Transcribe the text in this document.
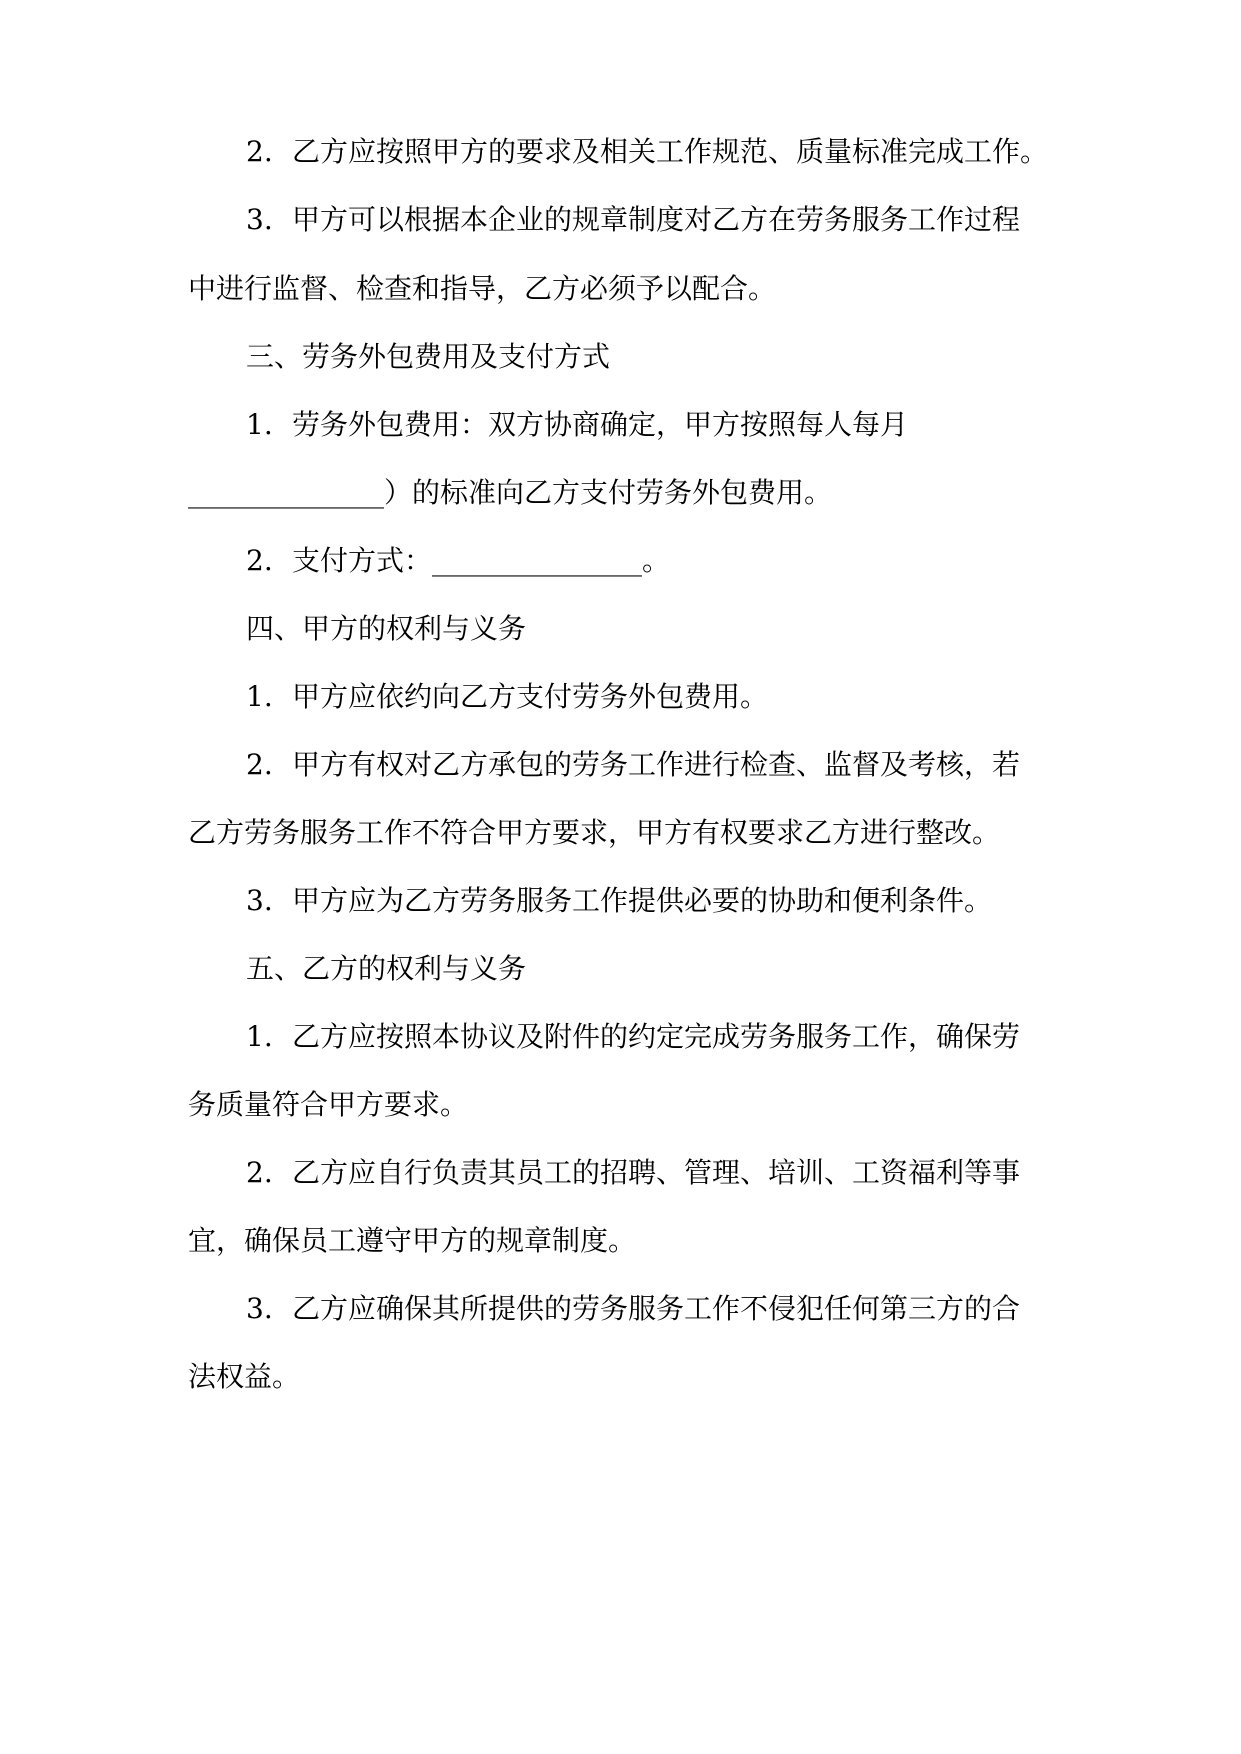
2. 乙方应按照甲方的要求及相关工作规范、质量标准完成工作。
3. 甲方可以根据本企业的规章制度对乙方在劳务服务工作过程
中进行监督、检查和指导，乙方必须予以配合。
三、劳务外包费用及支付方式
1. 劳务外包费用：双方协商确定，甲方按照每人每月
______________）的标准向乙方支付劳务外包费用。
2. 支付方式：_______________。
四、甲方的权利与义务
1. 甲方应依约向乙方支付劳务外包费用。
2. 甲方有权对乙方承包的劳务工作进行检查、监督及考核，若
乙方劳务服务工作不符合甲方要求，甲方有权要求乙方进行整改。
3. 甲方应为乙方劳务服务工作提供必要的协助和便利条件。
五、乙方的权利与义务
1. 乙方应按照本协议及附件的约定完成劳务服务工作，确保劳
务质量符合甲方要求。
2. 乙方应自行负责其员工的招聘、管理、培训、工资福利等事
宜，确保员工遵守甲方的规章制度。
3. 乙方应确保其所提供的劳务服务工作不侵犯任何第三方的合
法权益。
